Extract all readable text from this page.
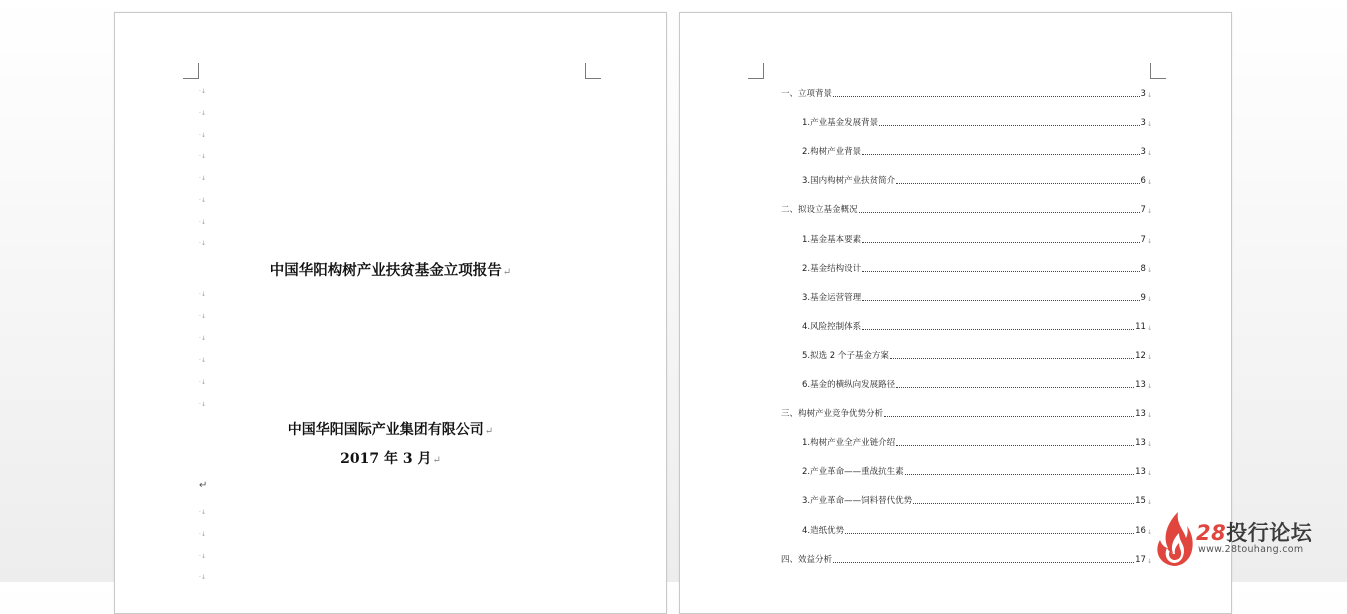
·↓
·↓
·↓
·↓
·↓
·↓
·↓
·↓
中国华阳构树产业扶贫基金立项报告↵
·↓
·↓
·↓
·↓
·↓
·↓
中国华阳国际产业集团有限公司↵
2017 年 3 月↵
↵
·↓
·↓
·↓
·↓
一、立项背景	3 ↓
1.产业基金发展背景	3 ↓
2.构树产业背景	3 ↓
3.国内构树产业扶贫简介	6 ↓
二、拟设立基金概况	7 ↓
1.基金基本要素	7 ↓
2.基金结构设计	8 ↓
3.基金运营管理	9 ↓
4.风险控制体系	11 ↓
5.拟选 2 个子基金方案	12 ↓
6.基金的横纵向发展路径	13 ↓
三、构树产业竞争优势分析	13 ↓
1.构树产业全产业链介绍	13 ↓
2.产业革命——重战抗生素	13 ↓
3.产业革命——饲料替代优势	15 ↓
4.造纸优势	16 ↓
四、效益分析	17 ↓
28投行论坛
www.28touhang.com
